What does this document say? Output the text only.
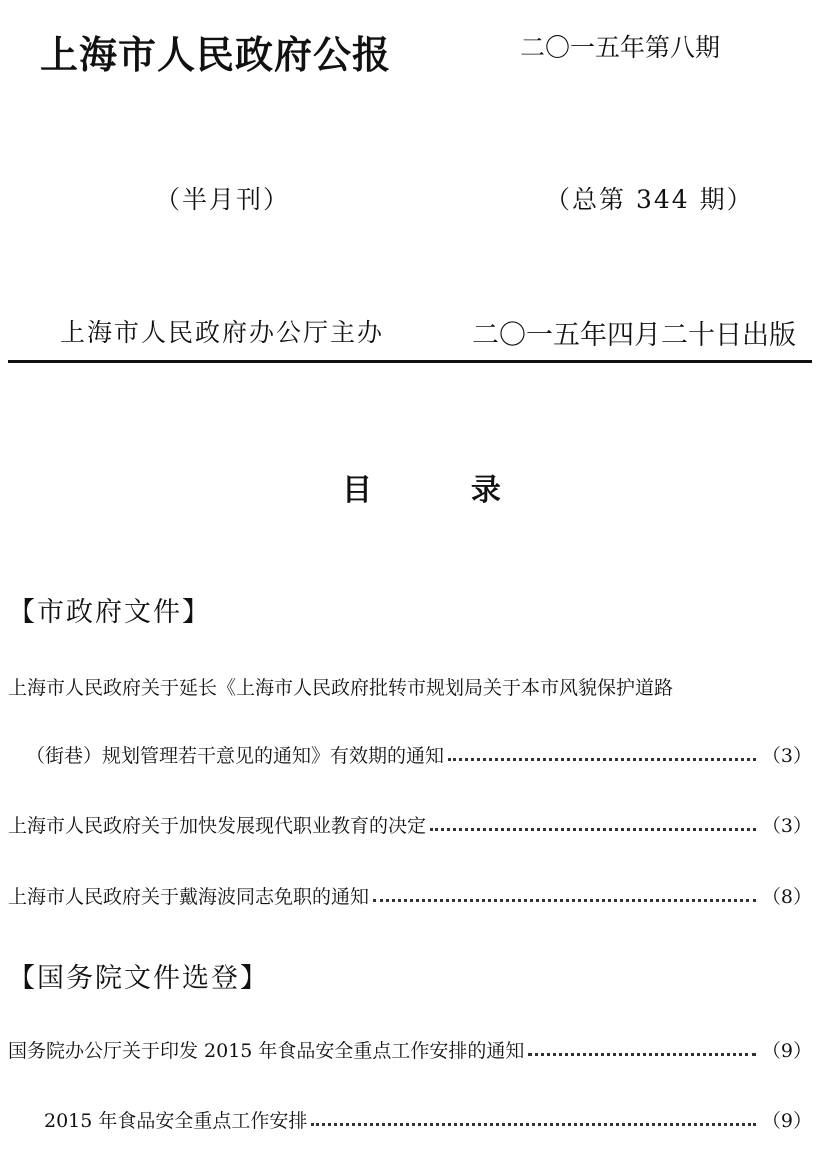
上海市人民政府公报	二〇一五年第八期
（半月刊）	（总第 344 期）
上海市人民政府办公厅主办	二〇一五年四月二十日出版
目	录
【市政府文件】
上海市人民政府关于延长《上海市人民政府批转市规划局关于本市风貌保护道路
（街巷）规划管理若干意见的通知》有效期的通知	（3）
上海市人民政府关于加快发展现代职业教育的决定	（3）
上海市人民政府关于戴海波同志免职的通知	（8）
【国务院文件选登】
国务院办公厅关于印发 2015 年食品安全重点工作安排的通知	（9）
2015 年食品安全重点工作安排	（9）
